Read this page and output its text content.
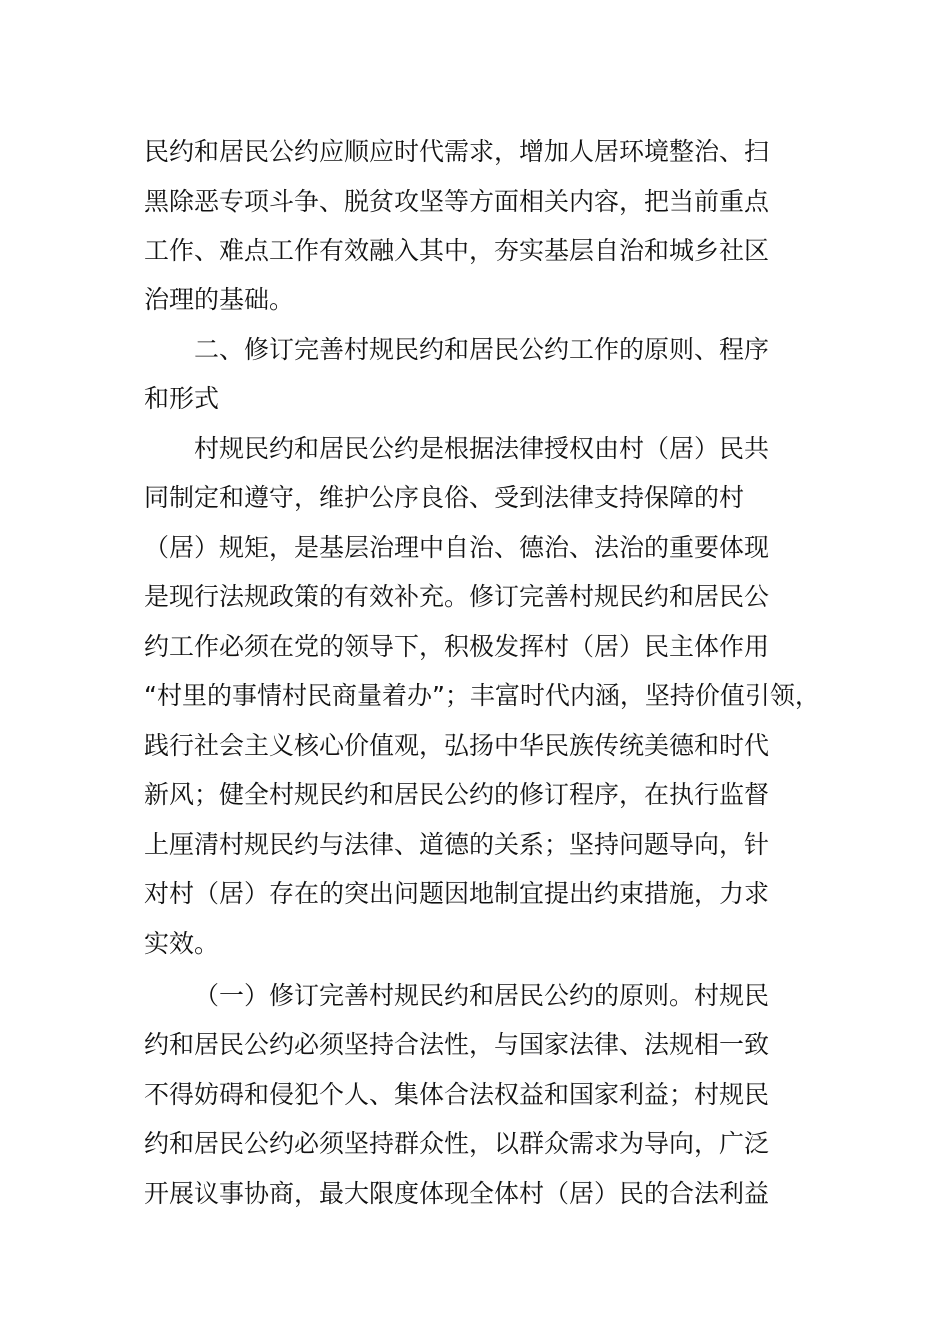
民约和居民公约应顺应时代需求，增加人居环境整治、扫
黑除恶专项斗争、脱贫攻坚等方面相关内容，把当前重点
工作、难点工作有效融入其中，夯实基层自治和城乡社区
治理的基础。
二、修订完善村规民约和居民公约工作的原则、程序
和形式
村规民约和居民公约是根据法律授权由村（居）民共
同制定和遵守，维护公序良俗、受到法律支持保障的村
（居）规矩，是基层治理中自治、德治、法治的重要体现
是现行法规政策的有效补充。修订完善村规民约和居民公
约工作必须在党的领导下，积极发挥村（居）民主体作用
“村里的事情村民商量着办”；丰富时代内涵，坚持价值引领，
践行社会主义核心价值观，弘扬中华民族传统美德和时代
新风；健全村规民约和居民公约的修订程序，在执行监督
上厘清村规民约与法律、道德的关系；坚持问题导向，针
对村（居）存在的突出问题因地制宜提出约束措施，力求
实效。
（一）修订完善村规民约和居民公约的原则。村规民
约和居民公约必须坚持合法性，与国家法律、法规相一致
不得妨碍和侵犯个人、集体合法权益和国家利益；村规民
约和居民公约必须坚持群众性，以群众需求为导向，广泛
开展议事协商，最大限度体现全体村（居）民的合法利益
